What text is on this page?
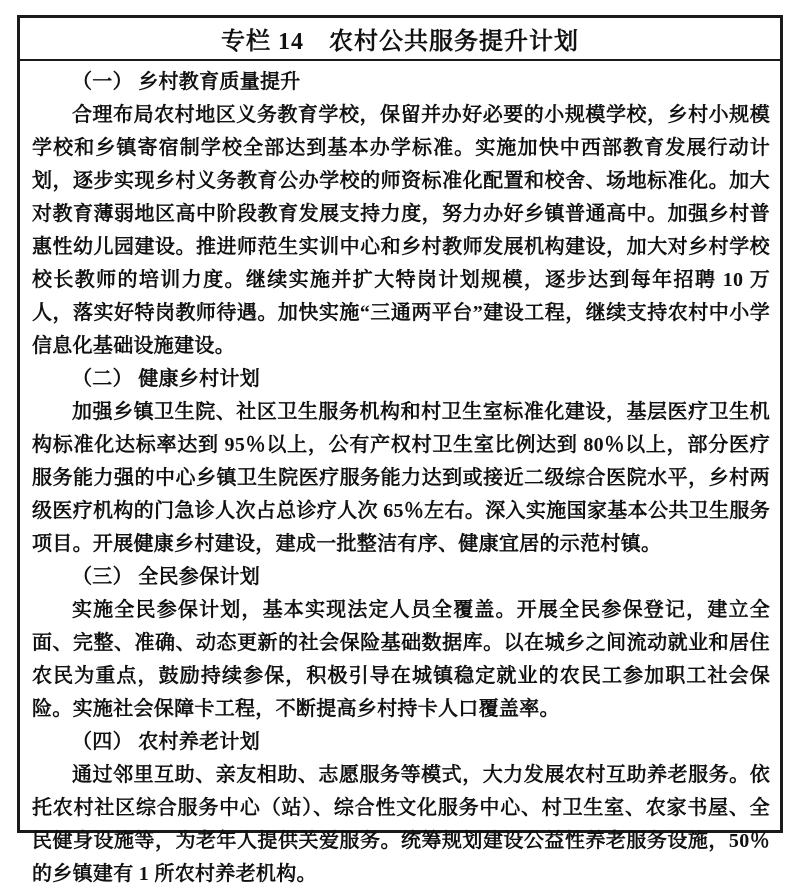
专栏 14　农村公共服务提升计划

（一） 乡村教育质量提升

合理布局农村地区义务教育学校，保留并办好必要的小规模学校，乡村小规模学校和乡镇寄宿制学校全部达到基本办学标准。实施加快中西部教育发展行动计划，逐步实现乡村义务教育公办学校的师资标准化配置和校舍、场地标准化。加大对教育薄弱地区高中阶段教育发展支持力度，努力办好乡镇普通高中。加强乡村普惠性幼儿园建设。推进师范生实训中心和乡村教师发展机构建设，加大对乡村学校校长教师的培训力度。继续实施并扩大特岗计划规模，逐步达到每年招聘 10 万人，落实好特岗教师待遇。加快实施“三通两平台”建设工程，继续支持农村中小学信息化基础设施建设。

（二） 健康乡村计划

加强乡镇卫生院、社区卫生服务机构和村卫生室标准化建设，基层医疗卫生机构标准化达标率达到 95％以上，公有产权村卫生室比例达到 80％以上，部分医疗服务能力强的中心乡镇卫生院医疗服务能力达到或接近二级综合医院水平，乡村两级医疗机构的门急诊人次占总诊疗人次 65％左右。深入实施国家基本公共卫生服务项目。开展健康乡村建设，建成一批整洁有序、健康宜居的示范村镇。

（三） 全民参保计划

实施全民参保计划，基本实现法定人员全覆盖。开展全民参保登记，建立全面、完整、准确、动态更新的社会保险基础数据库。以在城乡之间流动就业和居住农民为重点，鼓励持续参保，积极引导在城镇稳定就业的农民工参加职工社会保险。实施社会保障卡工程，不断提高乡村持卡人口覆盖率。

（四） 农村养老计划

通过邻里互助、亲友相助、志愿服务等模式，大力发展农村互助养老服务。依托农村社区综合服务中心（站）、综合性文化服务中心、村卫生室、农家书屋、全民健身设施等，为老年人提供关爱服务。统筹规划建设公益性养老服务设施，50％的乡镇建有 1 所农村养老机构。
